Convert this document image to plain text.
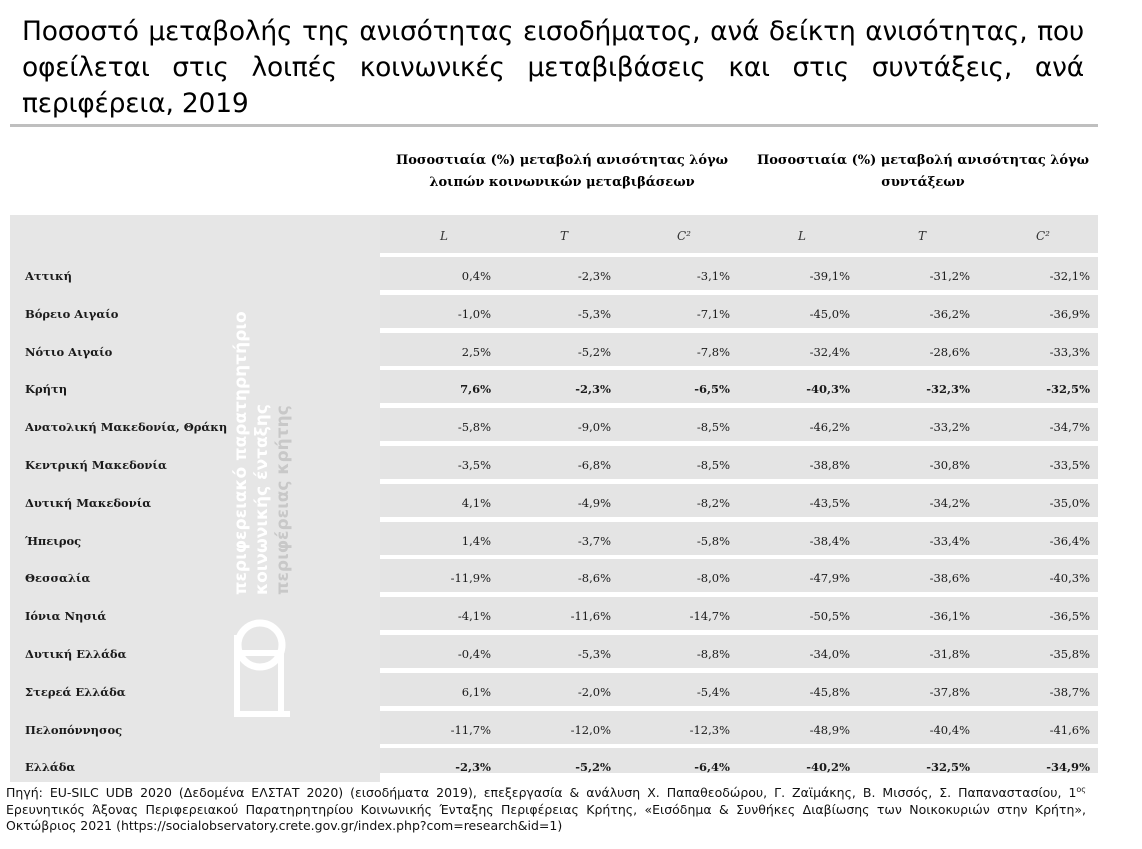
Ποσοστό μεταβολής της ανισότητας εισοδήματος, ανά δείκτη ανισότητας, που οφείλεται στις λοιπές κοινωνικές μεταβιβάσεις και στις συντάξεις, ανά περιφέρεια, 2019
Ποσοστιαία (%) μεταβολή ανισότητας λόγω λοιπών κοινωνικών μεταβιβάσεων
Ποσοστιαία (%) μεταβολή ανισότητας λόγω συντάξεων
περιφερειακό παρατηρητήριο κοινωνικής ένταξης περιφέρειας κρήτης
L	T	C²	L	T	C²
Αττική	0,4%	-2,3%	-3,1%	-39,1%	-31,2%	-32,1%
Βόρειο Αιγαίο	-1,0%	-5,3%	-7,1%	-45,0%	-36,2%	-36,9%
Νότιο Αιγαίο	2,5%	-5,2%	-7,8%	-32,4%	-28,6%	-33,3%
Κρήτη	7,6%	-2,3%	-6,5%	-40,3%	-32,3%	-32,5%
Ανατολική Μακεδονία, Θράκη	-5,8%	-9,0%	-8,5%	-46,2%	-33,2%	-34,7%
Κεντρική Μακεδονία	-3,5%	-6,8%	-8,5%	-38,8%	-30,8%	-33,5%
Δυτική Μακεδονία	4,1%	-4,9%	-8,2%	-43,5%	-34,2%	-35,0%
Ήπειρος	1,4%	-3,7%	-5,8%	-38,4%	-33,4%	-36,4%
Θεσσαλία	-11,9%	-8,6%	-8,0%	-47,9%	-38,6%	-40,3%
Ιόνια Νησιά	-4,1%	-11,6%	-14,7%	-50,5%	-36,1%	-36,5%
Δυτική Ελλάδα	-0,4%	-5,3%	-8,8%	-34,0%	-31,8%	-35,8%
Στερεά Ελλάδα	6,1%	-2,0%	-5,4%	-45,8%	-37,8%	-38,7%
Πελοπόννησος	-11,7%	-12,0%	-12,3%	-48,9%	-40,4%	-41,6%
Ελλάδα	-2,3%	-5,2%	-6,4%	-40,2%	-32,5%	-34,9%
Πηγή: EU-SILC UDB 2020 (Δεδομένα ΕΛΣΤΑΤ 2020) (εισοδήματα 2019), επεξεργασία & ανάλυση Χ. Παπαθεοδώρου, Γ. Ζαϊμάκης, Β. Μισσός, Σ. Παπαναστασίου, $1^{o\varsigma}$ Ερευνητικός Άξονας Περιφερειακού Παρατηρητηρίου Κοινωνικής Ένταξης Περιφέρειας Κρήτης, «Εισόδημα & Συνθήκες Διαβίωσης των Νοικοκυριών στην Κρήτη», Οκτώβριος 2021 (https://socialobservatory.crete.gov.gr/index.php?com=research&id=1)
